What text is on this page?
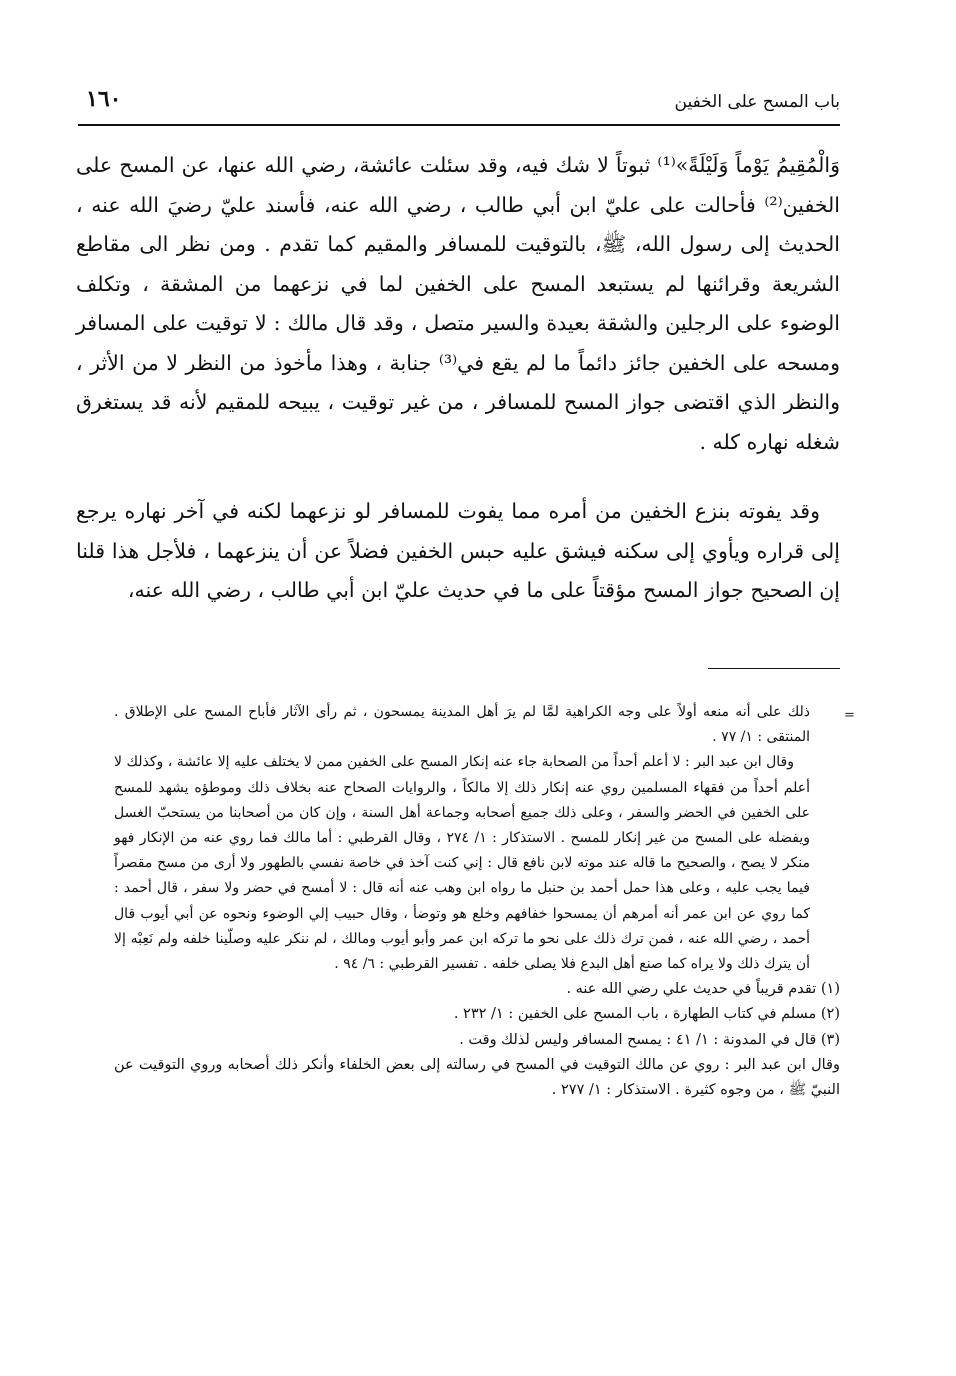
١٦٠	باب المسح على الخفين

وَالْمُقِيمُ يَوْماً وَلَيْلَةً»⁽¹⁾ ثبوتاً لا شك فيه، وقد سئلت عائشة، رضي الله عنها، عن المسح على الخفين⁽²⁾ فأحالت على عليّ ابن أبي طالب ، رضي الله عنه، فأسند عليّ رضيَ الله عنه ، الحديث إلى رسول الله، ﷺ، بالتوقيت للمسافر والمقيم كما تقدم . ومن نظر الى مقاطع الشريعة وقرائنها لم يستبعد المسح على الخفين لما في نزعهما من المشقة ، وتكلف الوضوء على الرجلين والشقة بعيدة والسير متصل ، وقد قال مالك : لا توقيت على المسافر ومسحه على الخفين جائز دائماً ما لم يقع في⁽³⁾ جنابة ، وهذا مأخوذ من النظر لا من الأثر ، والنظر الذي اقتضى جواز المسح للمسافر ، من غير توقيت ، يبيحه للمقيم لأنه قد يستغرق شغله نهاره كله .

وقد يفوته بنزع الخفين من أمره مما يفوت للمسافر لو نزعهما لكنه في آخر نهاره يرجع إلى قراره ويأوي إلى سكنه فيشق عليه حبس الخفين فضلاً عن أن ينزعهما ، فلأجل هذا قلنا إن الصحيح جواز المسح مؤقتاً على ما في حديث عليّ ابن أبي طالب ، رضي الله عنه،

=

ذلك على أنه منعه أولاً على وجه الكراهية لمَّا لم يرَ أهل المدينة يمسحون ، ثم رأى الآثار فأباح المسح على الإطلاق . المنتقى : ١/ ٧٧ .

وقال ابن عبد البر : لا أعلم أحداً من الصحابة جاء عنه إنكار المسح على الخفين ممن لا يختلف عليه إلا عائشة ، وكذلك لا أعلم أحداً من فقهاء المسلمين روي عنه إنكار ذلك إلا مالكاً ، والروايات الصحاح عنه بخلاف ذلك وموطؤه يشهد للمسح على الخفين في الحضر والسفر ، وعلى ذلك جميع أصحابه وجماعة أهل السنة ، وإن كان من أصحابنا من يستحبّ الغسل ويفضله على المسح من غير إنكار للمسح . الاستذكار : ١/ ٢٧٤ ، وقال القرطبي : أما مالك فما روي عنه من الإنكار فهو منكر لا يصح ، والصحيح ما قاله عند موته لابن نافع قال : إني كنت آخذ في خاصة نفسي بالطهور ولا أرى من مسح مقصراً فيما يجب عليه ، وعلى هذا حمل أحمد بن حنبل ما رواه ابن وهب عنه أنه قال : لا أمسح في حضر ولا سفر ، قال أحمد : كما روي عن ابن عمر أنه أمرهم أن يمسحوا خفافهم وخلع هو وتوضأ ، وقال حبيب إلي الوضوء ونحوه عن أبي أيوب قال أحمد ، رضي الله عنه ، فمن ترك ذلك على نحو ما تركه ابن عمر وأبو أيوب ومالك ، لم ننكر عليه وصلّينا خلفه ولم نَعِبْه إلا أن يترك ذلك ولا يراه كما صنع أهل البدع فلا يصلى خلفه . تفسير القرطبي : ٦/ ٩٤ .

(١) تقدم قريباً في حديث علي رضي الله عنه .

(٢) مسلم في كتاب الطهارة ، باب المسح على الخفين : ١/ ٢٣٢ .

(٣) قال في المدونة : ١/ ٤١ : يمسح المسافر وليس لذلك وقت .

وقال ابن عبد البر : روي عن مالك التوقيت في المسح في رسالته إلى بعض الخلفاء وأنكر ذلك أصحابه وروي التوقيت عن النبيّ ﷺ ، من وجوه كثيرة . الاستذكار : ١/ ٢٧٧ .
